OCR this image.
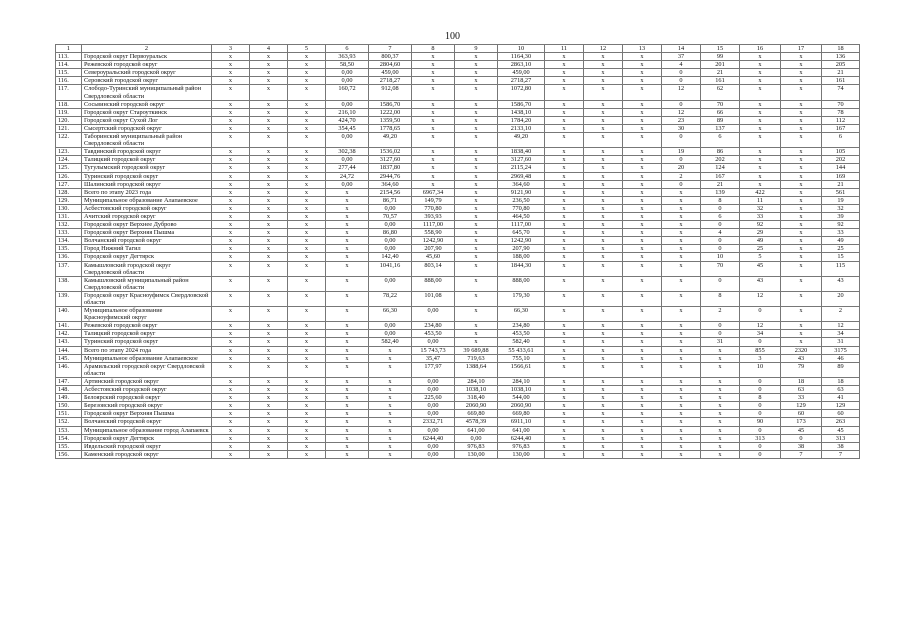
100
1	2	3	4	5	6	7	8	9	10	11	12	13	14	15	16	17	18
113.	Городской округ Первоуральск	x	x	x	363,93	800,37	x	x	1164,30	x	x	x	37	99	x	x	136
114.	Режевской городской округ	x	x	x	58,50	2804,60	x	x	2863,10	x	x	x	4	201	x	x	205
115.	Североуральский городской округ	x	x	x	0,00	459,00	x	x	459,00	x	x	x	0	21	x	x	21
116.	Серовский городской округ	x	x	x	0,00	2718,27	x	x	2718,27	x	x	x	0	161	x	x	161
117.	Слободо-Туринский муниципальный район Свердловской области	x	x	x	160,72	912,08	x	x	1072,80	x	x	x	12	62	x	x	74
118.	Сосьвинский городской округ	x	x	x	0,00	1586,70	x	x	1586,70	x	x	x	0	70	x	x	70
119.	Городской округ Староуткинск	x	x	x	216,10	1222,00	x	x	1438,10	x	x	x	12	66	x	x	78
120.	Городской округ Сухой Лог	x	x	x	424,70	1359,50	x	x	1784,20	x	x	x	23	89	x	x	112
121.	Сысертский городской округ	x	x	x	354,45	1778,65	x	x	2133,10	x	x	x	30	137	x	x	167
122.	Таборинский муниципальный район Свердловской области	x	x	x	0,00	49,20	x	x	49,20	x	x	x	0	6	x	x	6
123.	Тавдинский городской округ	x	x	x	302,38	1536,02	x	x	1838,40	x	x	x	19	86	x	x	105
124.	Талицкий городской округ	x	x	x	0,00	3127,60	x	x	3127,60	x	x	x	0	202	x	x	202
125.	Тугулымский городской округ	x	x	x	277,44	1837,80	x	x	2115,24	x	x	x	20	124	x	x	144
126.	Туринский городской округ	x	x	x	24,72	2944,76	x	x	2969,48	x	x	x	2	167	x	x	169
127.	Шалинский городской округ	x	x	x	0,00	364,60	x	x	364,60	x	x	x	0	21	x	x	21
128.	Всего по этапу 2023 года	x	x	x	x	2154,56	6967,34	x	9121,90	x	x	x	x	139	422	x	561
129.	Муниципальное образование Алапаевское	x	x	x	x	86,71	149,79	x	236,50	x	x	x	x	8	11	x	19
130.	Асбестовский городской округ	x	x	x	x	0,00	770,80	x	770,80	x	x	x	x	0	32	x	32
131.	Ачитский городской округ	x	x	x	x	70,57	393,93	x	464,50	x	x	x	x	6	33	x	39
132.	Городской округ Верхнее Дуброво	x	x	x	x	0,00	1117,00	x	1117,00	x	x	x	x	0	92	x	92
133.	Городской округ Верхняя Пышма	x	x	x	x	86,80	558,90	x	645,70	x	x	x	x	4	29	x	33
134.	Волчанский городской округ	x	x	x	x	0,00	1242,90	x	1242,90	x	x	x	x	0	49	x	49
135.	Город Нижний Тагил	x	x	x	x	0,00	207,90	x	207,90	x	x	x	x	0	25	x	25
136.	Городской округ Дегтярск	x	x	x	x	142,40	45,60	x	188,00	x	x	x	x	10	5	x	15
137.	Камышловский городской округ Свердловской области	x	x	x	x	1041,16	803,14	x	1844,30	x	x	x	x	70	45	x	115
138.	Камышловский муниципальный район Свердловской области	x	x	x	x	0,00	888,00	x	888,00	x	x	x	x	0	43	x	43
139.	Городской округ Красноуфимск Свердловской области	x	x	x	x	78,22	101,08	x	179,30	x	x	x	x	8	12	x	20
140.	Муниципальное образование Красноуфимский округ	x	x	x	x	66,30	0,00	x	66,30	x	x	x	x	2	0	x	2
141.	Режевской городской округ	x	x	x	x	0,00	234,80	x	234,80	x	x	x	x	0	12	x	12
142.	Талицкий городской округ	x	x	x	x	0,00	453,50	x	453,50	x	x	x	x	0	34	x	34
143.	Туринский городской округ	x	x	x	x	582,40	0,00	x	582,40	x	x	x	x	31	0	x	31
144.	Всего по этапу 2024 года	x	x	x	x	x	15 743,73	39 689,88	55 433,61	x	x	x	x	x	855	2320	3175
145.	Муниципальное образование Алапаевское	x	x	x	x	x	35,47	719,63	755,10	x	x	x	x	x	3	43	46
146.	Арамильский городской округ Свердловской области	x	x	x	x	x	177,97	1388,64	1566,61	x	x	x	x	x	10	79	89
147.	Артинский городской округ	x	x	x	x	x	0,00	284,10	284,10	x	x	x	x	x	0	18	18
148.	Асбестовский городской округ	x	x	x	x	x	0,00	1038,10	1038,10	x	x	x	x	x	0	63	63
149.	Белоярский городской округ	x	x	x	x	x	225,60	318,40	544,00	x	x	x	x	x	8	33	41
150.	Березовский городской округ	x	x	x	x	x	0,00	2060,90	2060,90	x	x	x	x	x	0	129	129
151.	Городской округ Верхняя Пышма	x	x	x	x	x	0,00	669,80	669,80	x	x	x	x	x	0	60	60
152.	Волчанский городской округ	x	x	x	x	x	2332,71	4578,39	6911,10	x	x	x	x	x	90	173	263
153.	Муниципальное образование город Алапаевск	x	x	x	x	x	0,00	641,00	641,00	x	x	x	x	x	0	45	45
154.	Городской округ Дегтярск	x	x	x	x	x	6244,40	0,00	6244,40	x	x	x	x	x	313	0	313
155.	Ивдельский городской округ	x	x	x	x	x	0,00	976,83	976,83	x	x	x	x	x	0	38	38
156.	Каменский городской округ	x	x	x	x	x	0,00	130,00	130,00	x	x	x	x	x	0	7	7
